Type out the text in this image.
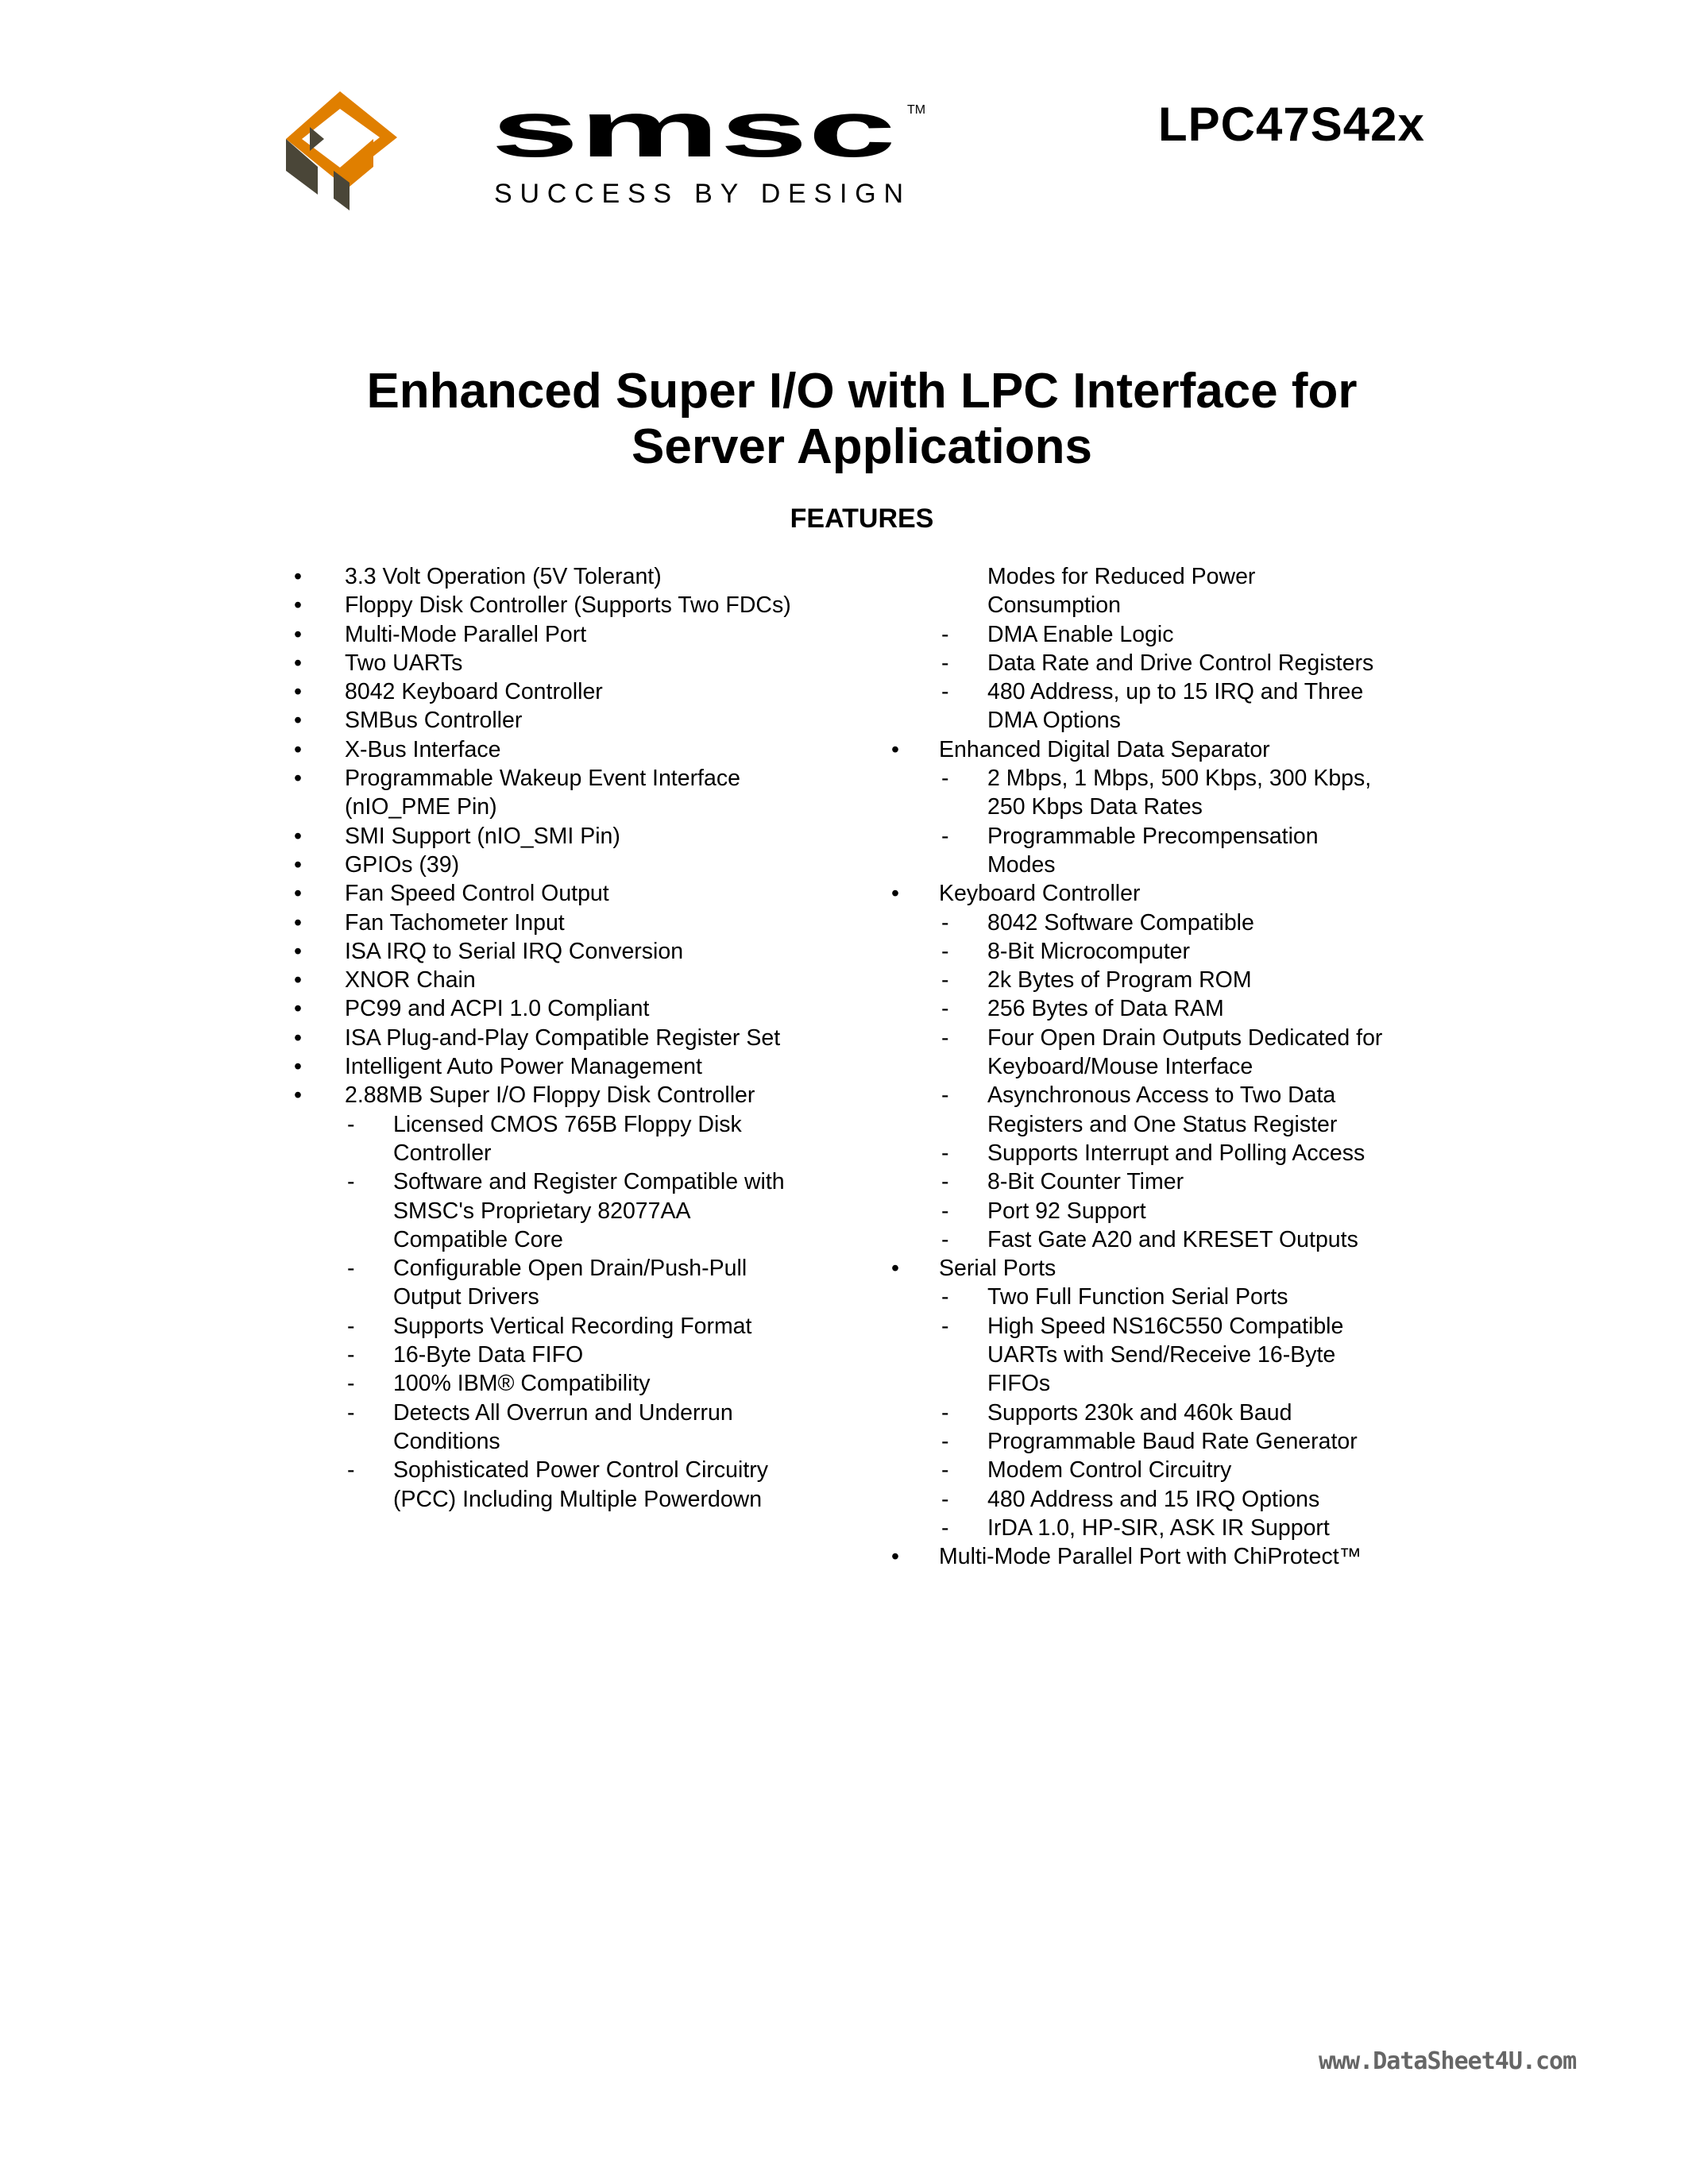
smsc TM
SUCCESS BY DESIGN
LPC47S42x
Enhanced Super I/O with LPC Interface for
Server Applications
FEATURES
• 3.3 Volt Operation (5V Tolerant)
• Floppy Disk Controller (Supports Two FDCs)
• Multi-Mode Parallel Port
• Two UARTs
• 8042 Keyboard Controller
• SMBus Controller
• X-Bus Interface
• Programmable Wakeup Event Interface
(nIO_PME Pin)
• SMI Support (nIO_SMI Pin)
• GPIOs (39)
• Fan Speed Control Output
• Fan Tachometer Input
• ISA IRQ to Serial IRQ Conversion
• XNOR Chain
• PC99 and ACPI 1.0 Compliant
• ISA Plug-and-Play Compatible Register Set
• Intelligent Auto Power Management
• 2.88MB Super I/O Floppy Disk Controller
- Licensed CMOS 765B Floppy Disk
Controller
- Software and Register Compatible with
SMSC's Proprietary 82077AA
Compatible Core
- Configurable Open Drain/Push-Pull
Output Drivers
- Supports Vertical Recording Format
- 16-Byte Data FIFO
- 100% IBM® Compatibility
- Detects All Overrun and Underrun
Conditions
- Sophisticated Power Control Circuitry
(PCC) Including Multiple Powerdown
Modes for Reduced Power
Consumption
- DMA Enable Logic
- Data Rate and Drive Control Registers
- 480 Address, up to 15 IRQ and Three
DMA Options
• Enhanced Digital Data Separator
- 2 Mbps, 1 Mbps, 500 Kbps, 300 Kbps,
250 Kbps Data Rates
- Programmable Precompensation
Modes
• Keyboard Controller
- 8042 Software Compatible
- 8-Bit Microcomputer
- 2k Bytes of Program ROM
- 256 Bytes of Data RAM
- Four Open Drain Outputs Dedicated for
Keyboard/Mouse Interface
- Asynchronous Access to Two Data
Registers and One Status Register
- Supports Interrupt and Polling Access
- 8-Bit Counter Timer
- Port 92 Support
- Fast Gate A20 and KRESET Outputs
• Serial Ports
- Two Full Function Serial Ports
- High Speed NS16C550 Compatible
UARTs with Send/Receive 16-Byte
FIFOs
- Supports 230k and 460k Baud
- Programmable Baud Rate Generator
- Modem Control Circuitry
- 480 Address and 15 IRQ Options
- IrDA 1.0, HP-SIR, ASK IR Support
• Multi-Mode Parallel Port with ChiProtect™
www.DataSheet4U.com
